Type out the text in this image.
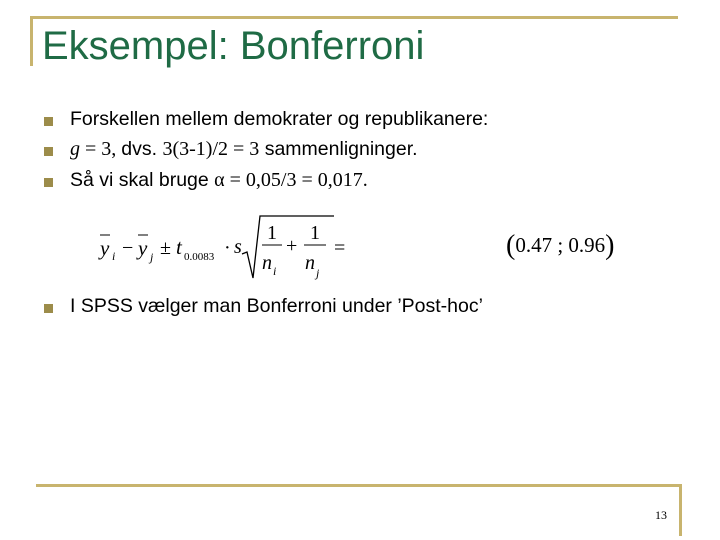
Eksempel: Bonferroni
Forskellen mellem demokrater og republikanere:
g = 3, dvs. 3(3-1)/2 = 3 sammenligninger.
Så vi skal bruge α = 0,05/3 = 0,017.
y i − y j ± t 0.0083 · s
1
n i
+
1
n j
=	(0.47 ; 0.96)
I SPSS vælger man Bonferroni under ’Post-hoc’
13
